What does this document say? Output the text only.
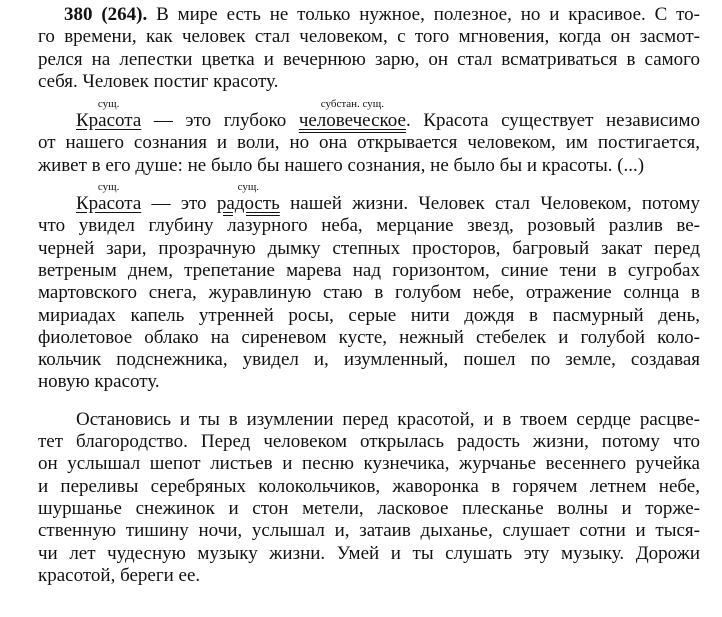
380 (264). В мире есть не только нужное, полезное, но и красивое. С то-
го времени, как человек стал человеком, с того мгновения, когда он засмот-
релся на лепестки цветка и вечернюю зарю, он стал всматриваться в самого
себя. Человек постиг красоту.
сущ.
Красота — это глубоко
субстан. сущ.
человеческое. Красота существует независимо
от нашего сознания и воли, но она открывается человеком, им постигается,
живет в его душе: не было бы нашего сознания, не было бы и красоты. (...)
сущ.
Красота — это
сущ.
радость нашей жизни. Человек стал Человеком, потому
что увидел глубину лазурного неба, мерцание звезд, розовый разлив ве-
черней зари, прозрачную дымку степных просторов, багровый закат перед
ветреным днем, трепетание марева над горизонтом, синие тени в сугробах
мартовского снега, журавлиную стаю в голубом небе, отражение солнца в
мириадах капель утренней росы, серые нити дождя в пасмурный день,
фиолетовое облако на сиреневом кусте, нежный стебелек и голубой коло-
кольчик подснежника, увидел и, изумленный, пошел по земле, создавая
новую красоту.
Остановись и ты в изумлении перед красотой, и в твоем сердце расцве-
тет благородство. Перед человеком открылась радость жизни, потому что
он услышал шепот листьев и песню кузнечика, журчанье весеннего ручейка
и переливы серебряных колокольчиков, жаворонка в горячем летнем небе,
шуршанье снежинок и стон метели, ласковое плесканье волны и торже-
ственную тишину ночи, услышал и, затаив дыханье, слушает сотни и тыся-
чи лет чудесную музыку жизни. Умей и ты слушать эту музыку. Дорожи
красотой, береги ее.
